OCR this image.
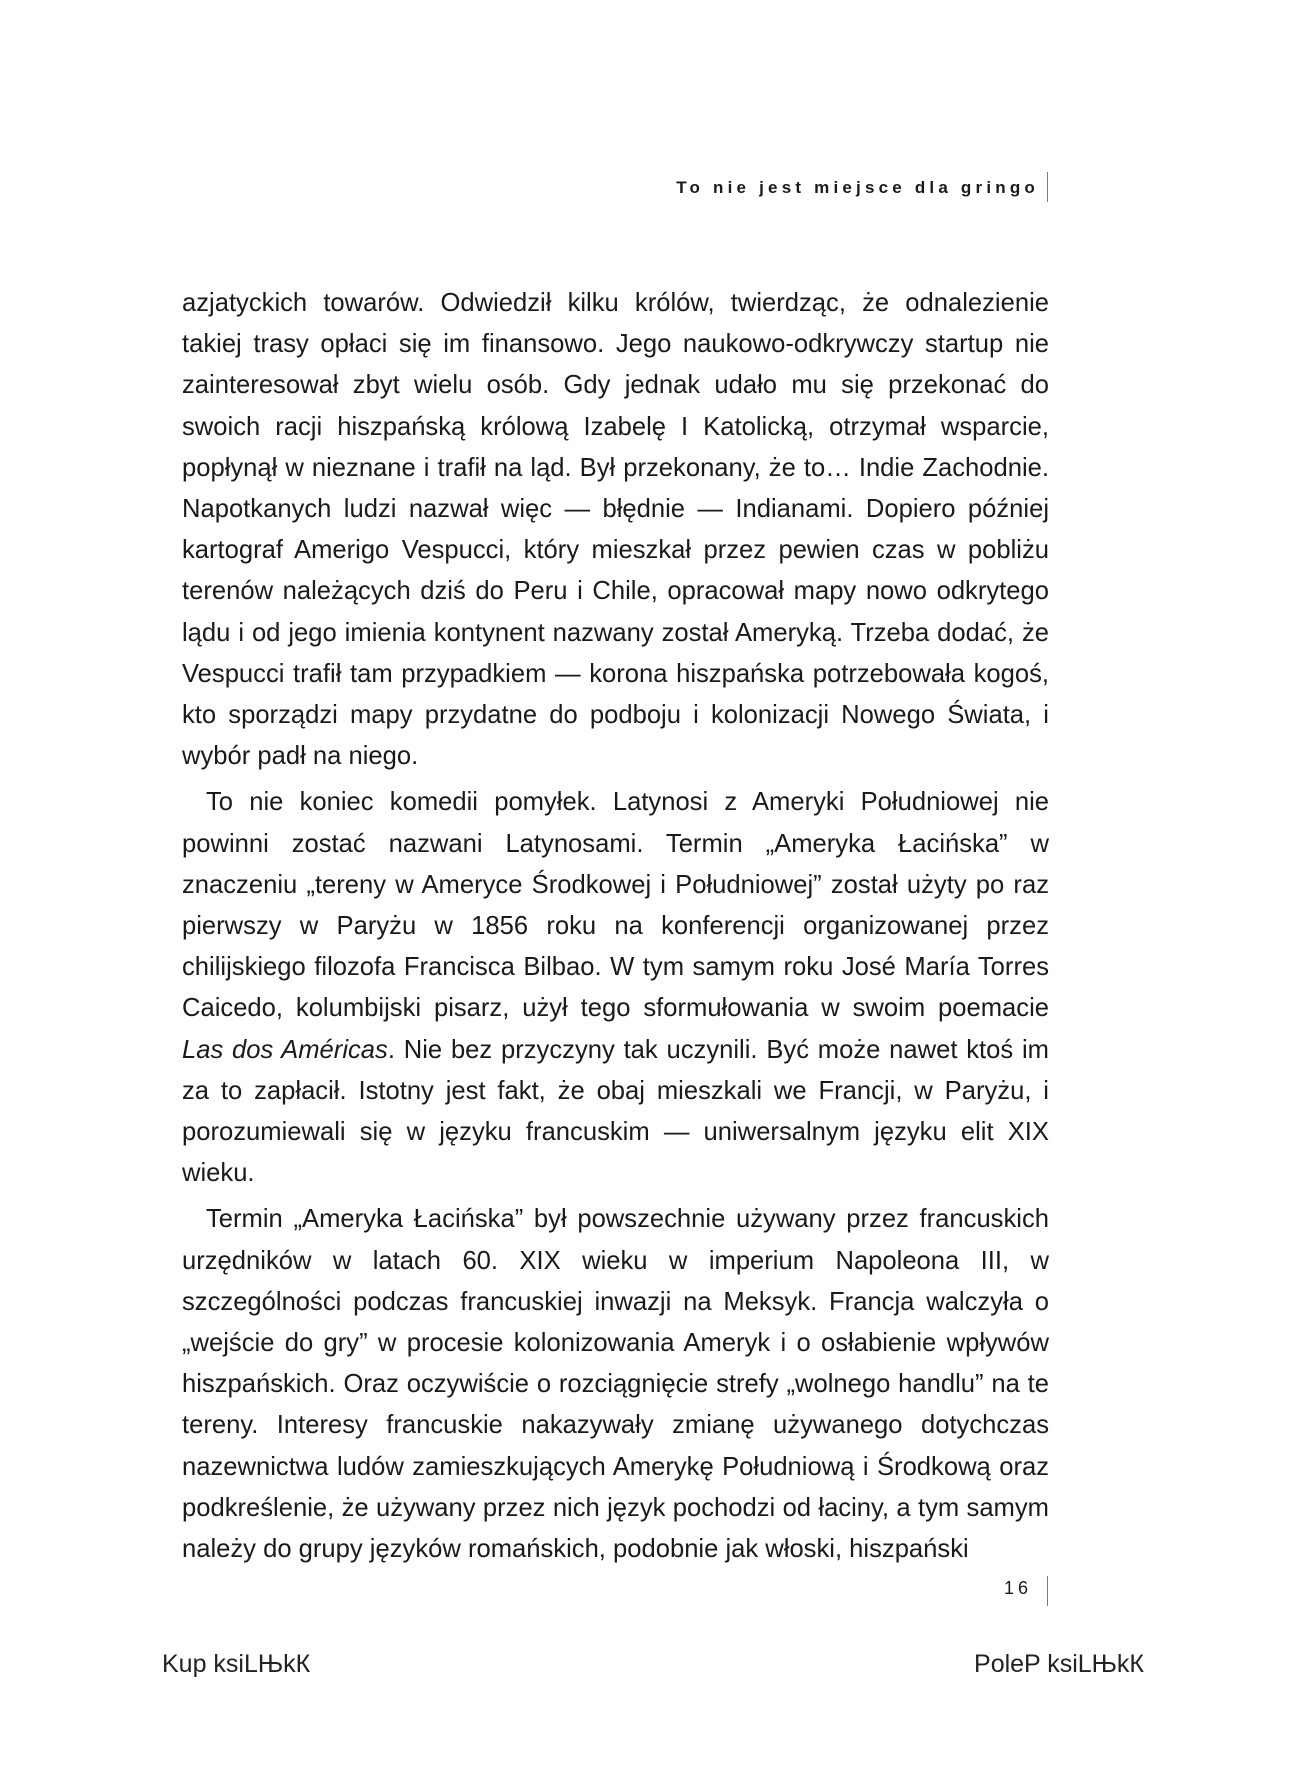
To nie jest miejsce dla gringo

azjatyckich towarów. Odwiedził kilku królów, twierdząc, że odnalezienie takiej trasy opłaci się im finansowo. Jego naukowo-odkrywczy startup nie zainteresował zbyt wielu osób. Gdy jednak udało mu się przekonać do swoich racji hiszpańską królową Izabelę I Katolicką, otrzymał wsparcie, popłynął w nieznane i trafił na ląd. Był przekonany, że to… Indie Zachodnie. Napotkanych ludzi nazwał więc — błędnie — Indianami. Dopiero później kartograf Amerigo Vespucci, który mieszkał przez pewien czas w pobliżu terenów należących dziś do Peru i Chile, opracował mapy nowo odkrytego lądu i od jego imienia kontynent nazwany został Ameryką. Trzeba dodać, że Vespucci trafił tam przypadkiem — korona hiszpańska potrzebowała kogoś, kto sporządzi mapy przydatne do podboju i kolonizacji Nowego Świata, i wybór padł na niego.

To nie koniec komedii pomyłek. Latynosi z Ameryki Południowej nie powinni zostać nazwani Latynosami. Termin „Ameryka Łacińska” w znaczeniu „tereny w Ameryce Środkowej i Południowej” został użyty po raz pierwszy w Paryżu w 1856 roku na konferencji organizowanej przez chilijskiego filozofa Francisca Bilbao. W tym samym roku José María Torres Caicedo, kolumbijski pisarz, użył tego sformułowania w swoim poemacie Las dos Américas. Nie bez przyczyny tak uczynili. Być może nawet ktoś im za to zapłacił. Istotny jest fakt, że obaj mieszkali we Francji, w Paryżu, i porozumiewali się w języku francuskim — uniwersalnym języku elit XIX wieku.

Termin „Ameryka Łacińska” był powszechnie używany przez francuskich urzędników w latach 60. XIX wieku w imperium Napoleona III, w szczególności podczas francuskiej inwazji na Meksyk. Francja walczyła o „wejście do gry” w procesie kolonizowania Ameryk i o osłabienie wpływów hiszpańskich. Oraz oczywiście o rozciągnięcie strefy „wolnego handlu” na te tereny. Interesy francuskie nakazywały zmianę używanego dotychczas nazewnictwa ludów zamieszkujących Amerykę Południową i Środkową oraz podkreślenie, że używany przez nich język pochodzi od łaciny, a tym samym należy do grupy języków romańskich, podobnie jak włoski, hiszpański

16
Kup ksiLЊkК	PoleP ksiLЊkК
